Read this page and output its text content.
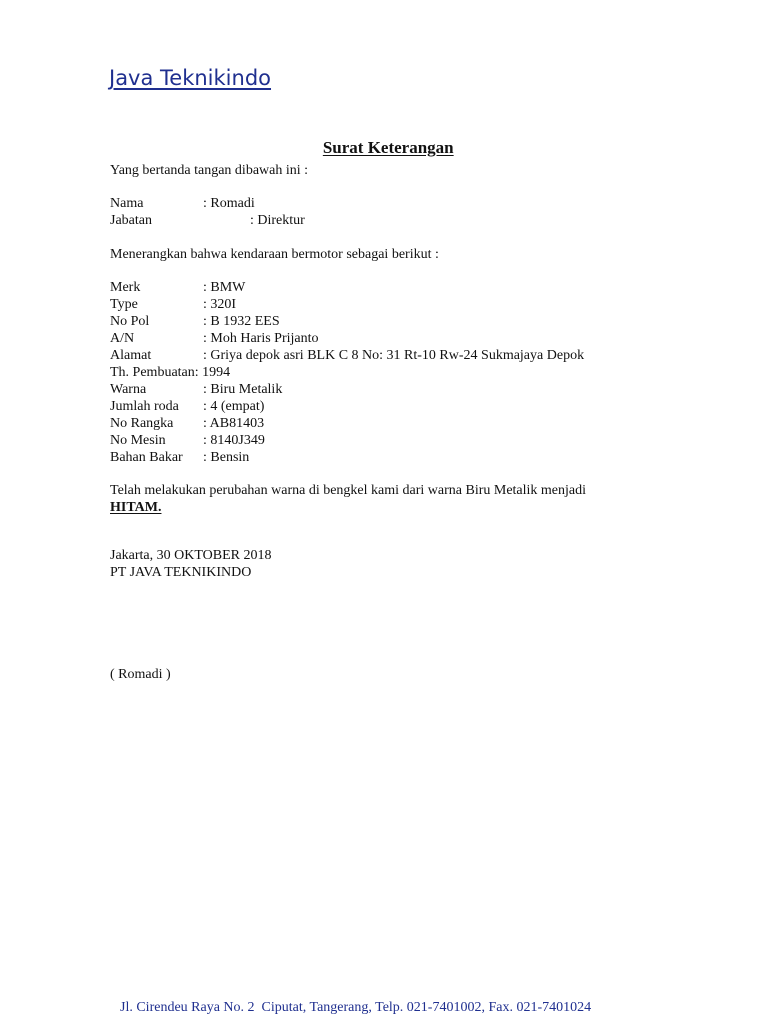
Java Teknikindo

Surat Keterangan

Yang bertanda tangan dibawah ini :
Nama	: Romadi
Jabatan	: Direktur
Menerangkan bahwa kendaraan bermotor sebagai berikut :
Merk	: BMW
Type	: 320I
No Pol	: B 1932 EES
A/N	: Moh Haris Prijanto
Alamat	: Griya depok asri BLK C 8 No: 31 Rt-10 Rw-24 Sukmajaya Depok
Th. Pembuatan: 1994
Warna	: Biru Metalik
Jumlah roda : 4 (empat)
No Rangka : AB81403
No Mesin	: 8140J349
Bahan Bakar : Bensin
Telah melakukan perubahan warna di bengkel kami dari warna Biru Metalik menjadi
HITAM.
Jakarta, 30 OKTOBER 2018
PT JAVA TEKNIKINDO
( Romadi )
Jl. Cirendeu Raya No. 2  Ciputat, Tangerang, Telp. 021-7401002, Fax. 021-7401024
